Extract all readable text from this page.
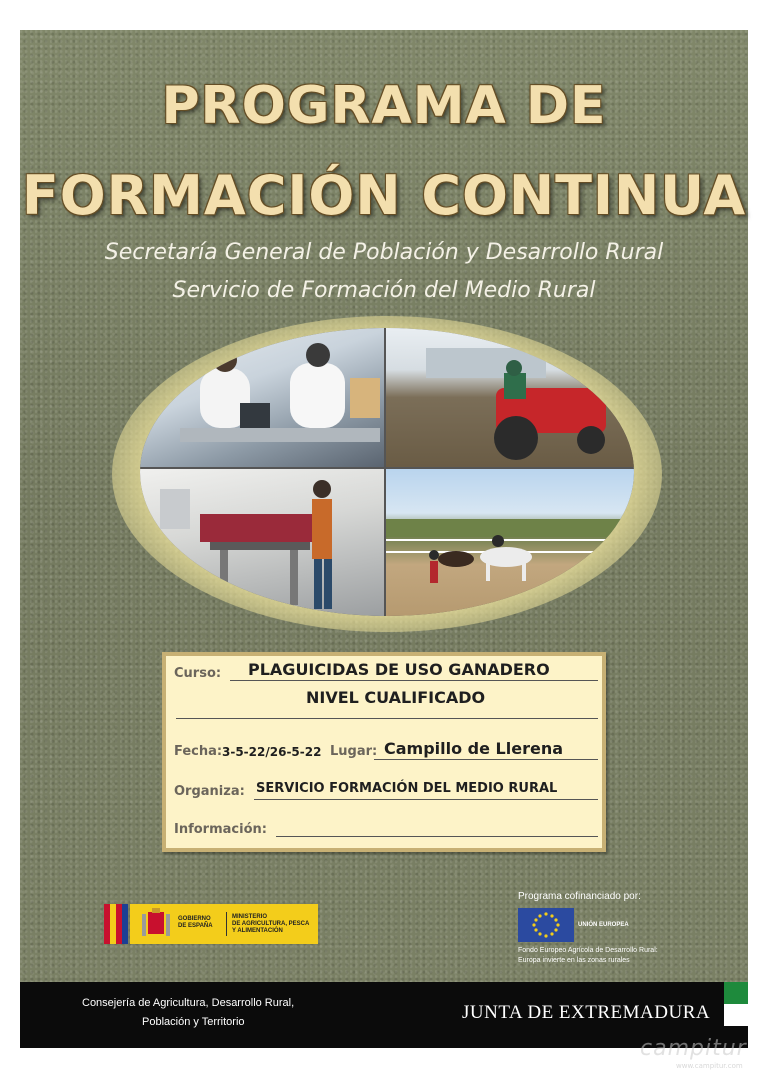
PROGRAMA DE
FORMACIÓN CONTINUA
Secretaría General de Población y Desarrollo Rural
Servicio de Formación del Medio Rural
Curso: PLAGUICIDAS DE USO GANADERO
NIVEL CUALIFICADO
Fecha: 3-5-22/26-5-22 Lugar: Campillo de Llerena
Organiza: SERVICIO FORMACIÓN DEL MEDIO RURAL
Información:
GOBIERNO
DE ESPAÑA
MINISTERIO
DE AGRICULTURA, PESCA
Y ALIMENTACIÓN
Programa cofinanciado por:
UNIÓN EUROPEA
Fondo Europeo Agrícola de Desarrollo Rural:
Europa invierte en las zonas rurales
Consejería de Agricultura, Desarrollo Rural,
Población y Territorio	JUNTA DE EXTREMADURA
campitur
www.campitur.com
